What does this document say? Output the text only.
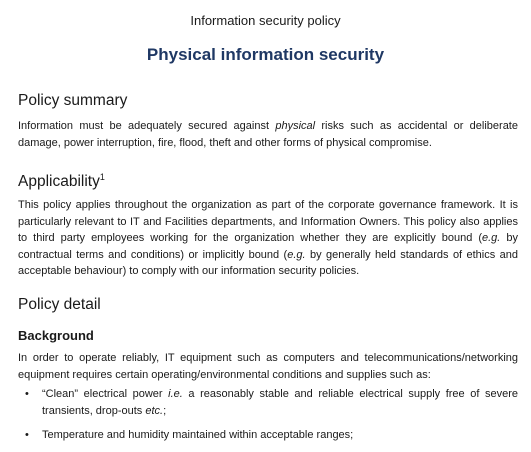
Information security policy
Physical information security
Policy summary

Information must be adequately secured against physical risks such as accidental or deliberate damage, power interruption, fire, flood, theft and other forms of physical compromise.

Applicability$^1$

This policy applies throughout the organization as part of the corporate governance framework. It is particularly relevant to IT and Facilities departments, and Information Owners. This policy also applies to third party employees working for the organization whether they are explicitly bound (e.g. by contractual terms and conditions) or implicitly bound (e.g. by generally held standards of ethics and acceptable behaviour) to comply with our information security policies.

Policy detail
Background

In order to operate reliably, IT equipment such as computers and telecommunications/networking equipment requires certain operating/environmental conditions and supplies such as:

• “Clean” electrical power i.e. a reasonably stable and reliable electrical supply free of severe transients, drop-outs etc.;
• Temperature and humidity maintained within acceptable ranges;
